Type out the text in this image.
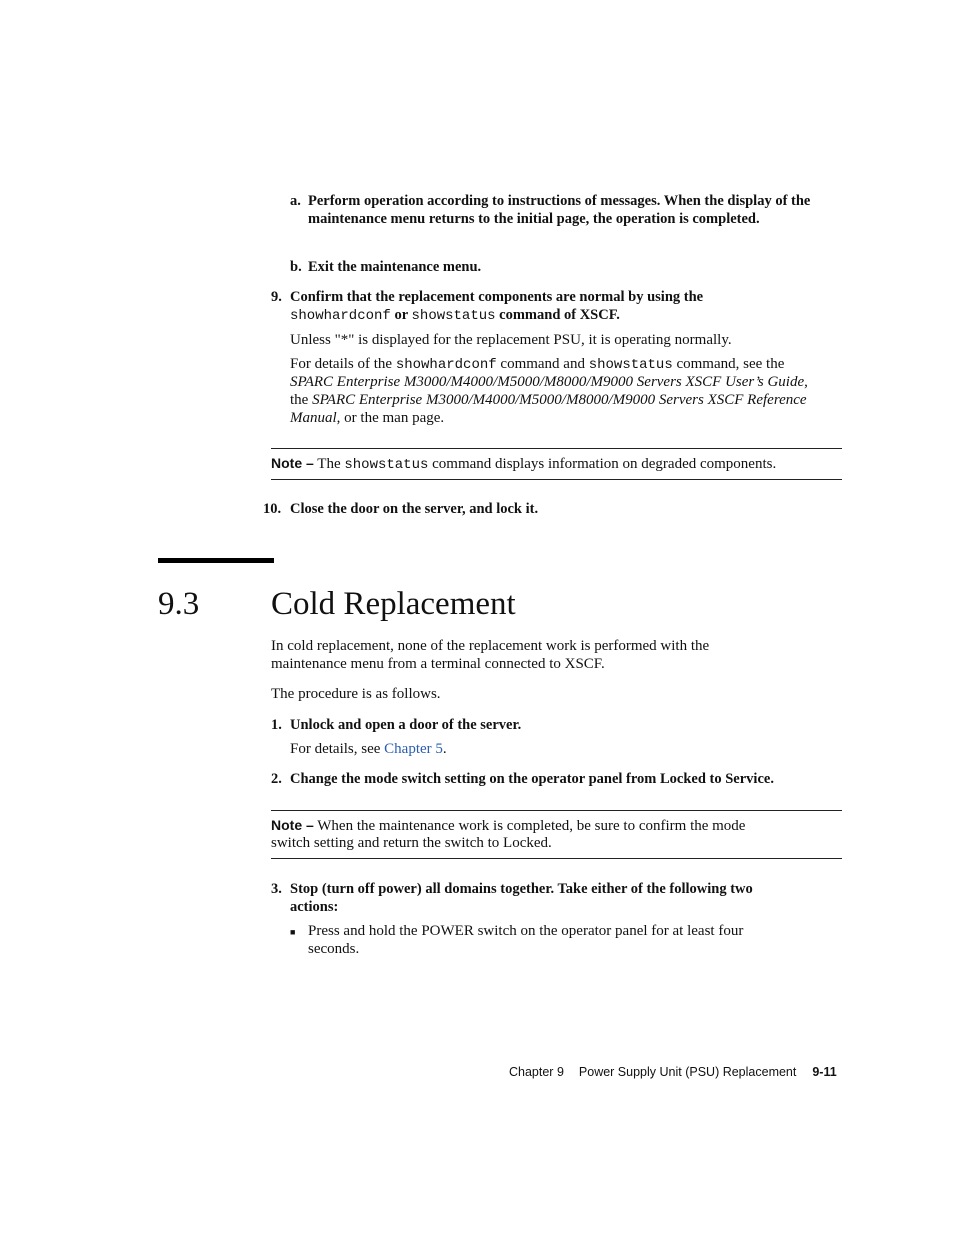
a. Perform operation according to instructions of messages. When the display of the maintenance menu returns to the initial page, the operation is completed.
b. Exit the maintenance menu.
9. Confirm that the replacement components are normal by using the
showhardconf or showstatus command of XSCF.
Unless "*" is displayed for the replacement PSU, it is operating normally.
For details of the showhardconf command and showstatus command, see the
SPARC Enterprise M3000/M4000/M5000/M8000/M9000 Servers XSCF User’s Guide,
the SPARC Enterprise M3000/M4000/M5000/M8000/M9000 Servers XSCF Reference
Manual, or the man page.
Note – The showstatus command displays information on degraded components.
10. Close the door on the server, and lock it.
9.3 Cold Replacement
In cold replacement, none of the replacement work is performed with the
maintenance menu from a terminal connected to XSCF.
The procedure is as follows.
1. Unlock and open a door of the server.
For details, see Chapter 5.
2. Change the mode switch setting on the operator panel from Locked to Service.
Note – When the maintenance work is completed, be sure to confirm the mode
switch setting and return the switch to Locked.
3. Stop (turn off power) all domains together. Take either of the following two
actions:
■ Press and hold the POWER switch on the operator panel for at least four
seconds.
Chapter 9 Power Supply Unit (PSU) Replacement 9-11
